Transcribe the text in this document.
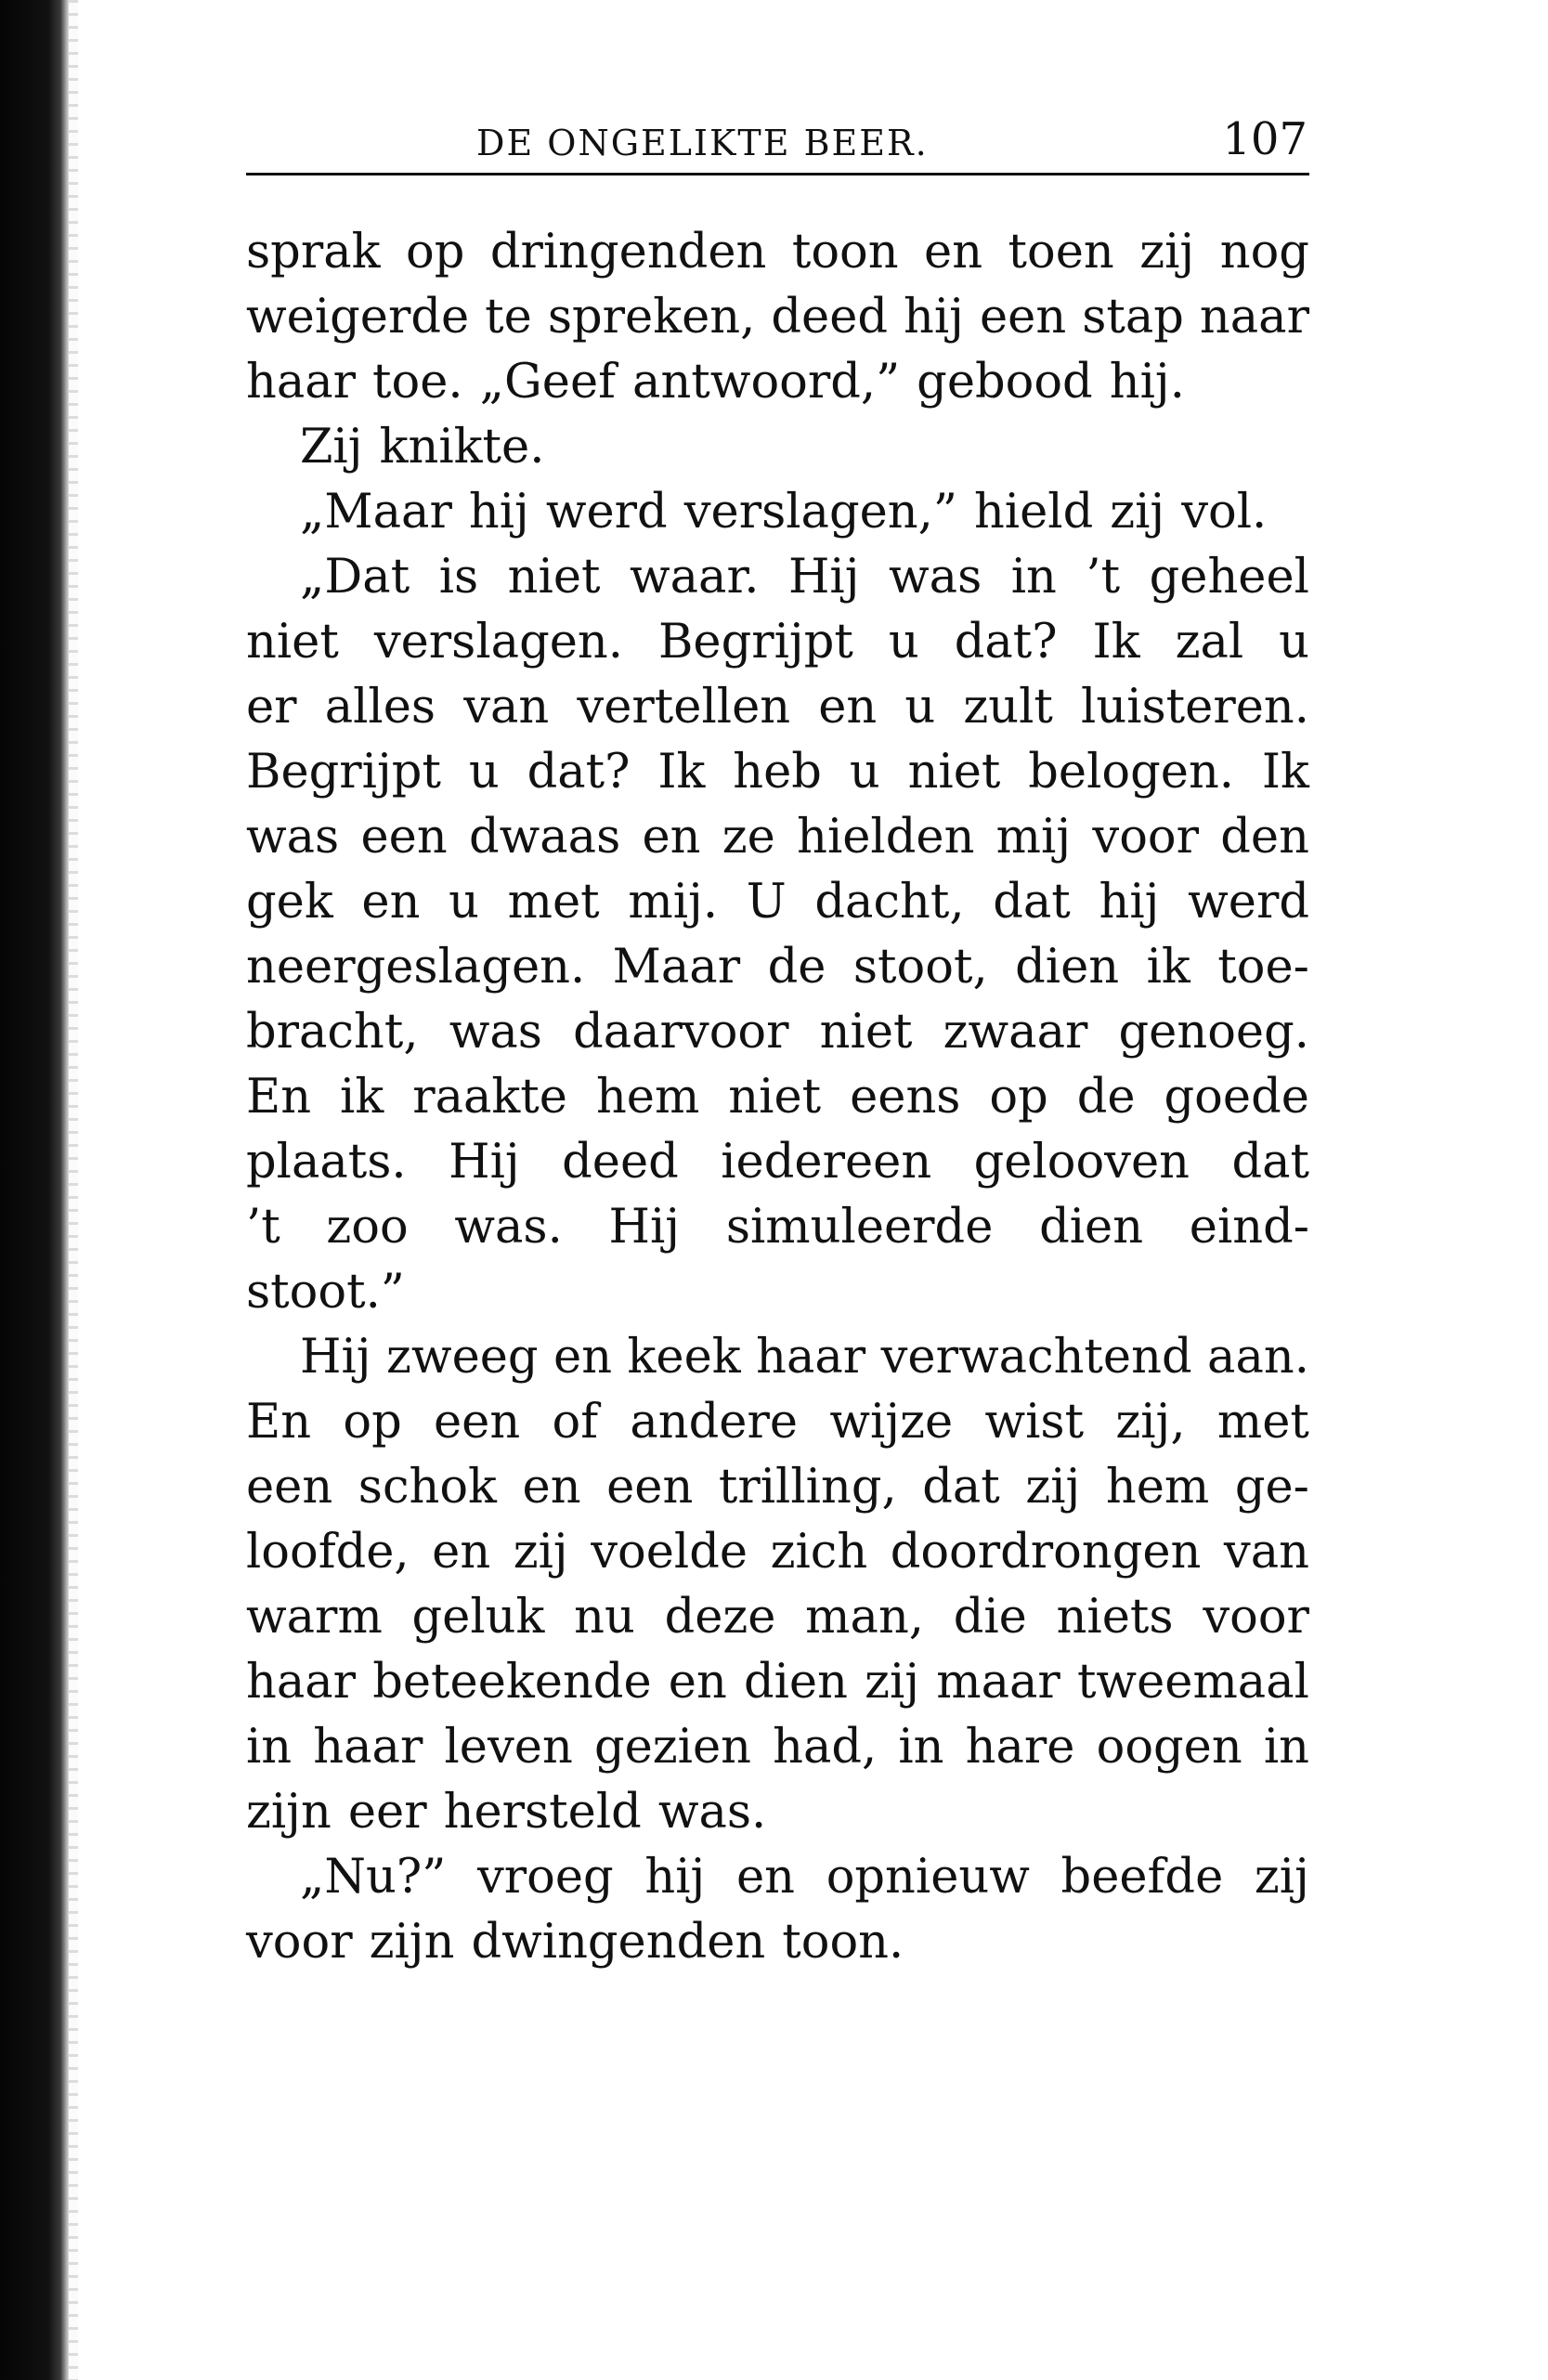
DE ONGELIKTE BEER.	107
sprak op dringenden toon en toen zij nog
weigerde te spreken, deed hij een stap naar
haar toe. „Geef antwoord,” gebood hij.
Zij knikte.
„Maar hij werd verslagen,” hield zij vol.
„Dat is niet waar. Hij was in ’t geheel
niet verslagen. Begrijpt u dat? Ik zal u
er alles van vertellen en u zult luisteren.
Begrijpt u dat? Ik heb u niet belogen. Ik
was een dwaas en ze hielden mij voor den
gek en u met mij. U dacht, dat hij werd
neergeslagen. Maar de stoot, dien ik toe-
bracht, was daarvoor niet zwaar genoeg.
En ik raakte hem niet eens op de goede
plaats. Hij deed iedereen gelooven dat
’t zoo was. Hij simuleerde dien eind-
stoot.”
Hij zweeg en keek haar verwachtend aan.
En op een of andere wijze wist zij, met
een schok en een trilling, dat zij hem ge-
loofde, en zij voelde zich doordrongen van
warm geluk nu deze man, die niets voor
haar beteekende en dien zij maar tweemaal
in haar leven gezien had, in hare oogen in
zijn eer hersteld was.
„Nu?” vroeg hij en opnieuw beefde zij
voor zijn dwingenden toon.
